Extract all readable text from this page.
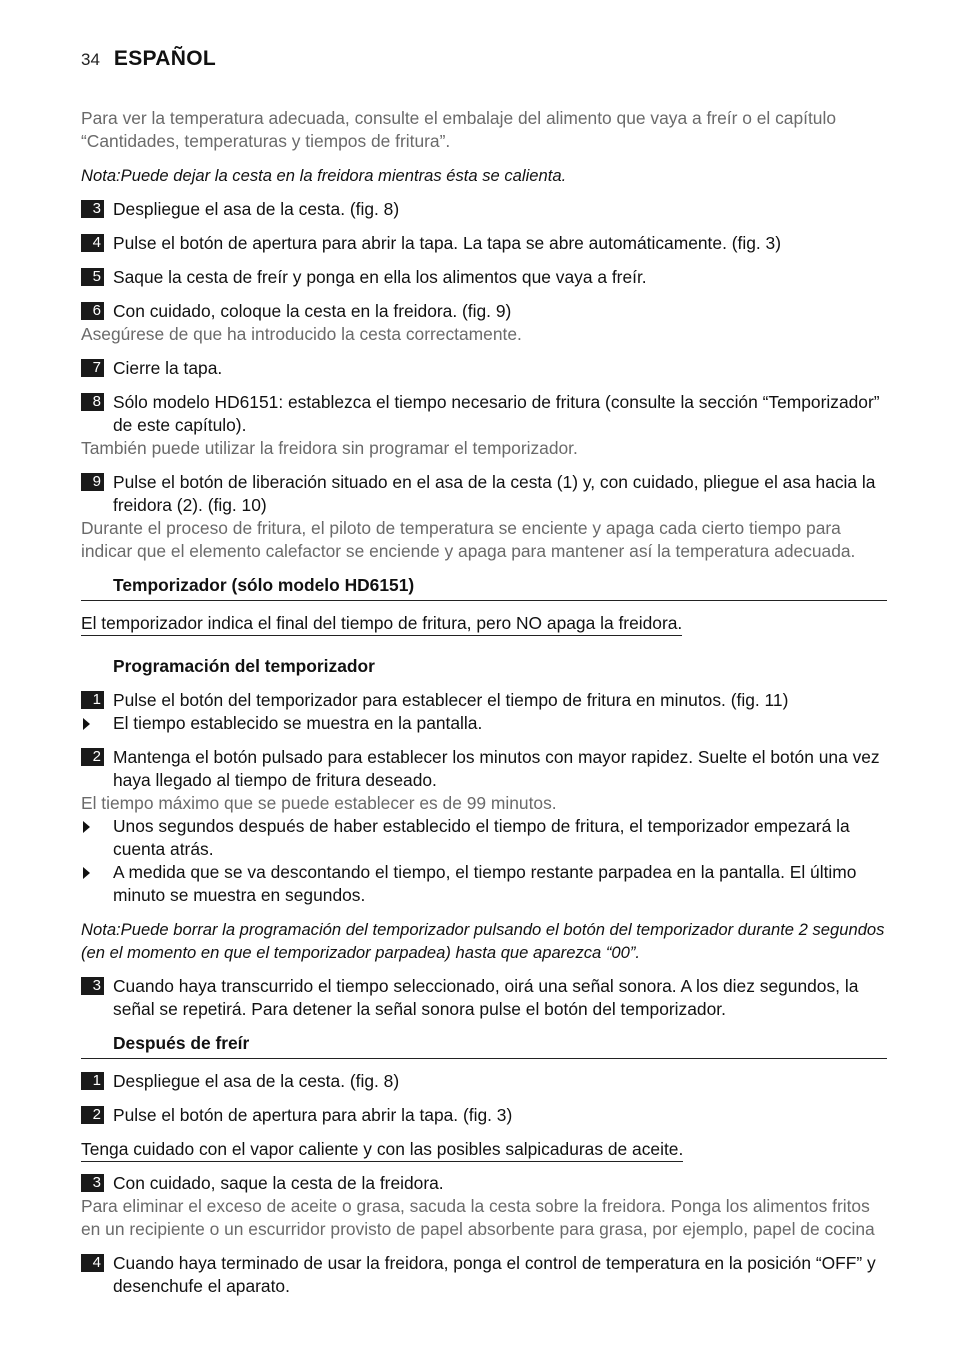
34 ESPAÑOL

Para ver la temperatura adecuada, consulte el embalaje del alimento que vaya a freír o el capítulo “Cantidades, temperaturas y tiempos de fritura”.

Nota:Puede dejar la cesta en la freidora mientras ésta se calienta.

3 Despliegue el asa de la cesta. (fig. 8)
4 Pulse el botón de apertura para abrir la tapa. La tapa se abre automáticamente. (fig. 3)
5 Saque la cesta de freír y ponga en ella los alimentos que vaya a freír.
6 Con cuidado, coloque la cesta en la freidora. (fig. 9)

Asegúrese de que ha introducido la cesta correctamente.

7 Cierre la tapa.
8 Sólo modelo HD6151: establezca el tiempo necesario de fritura (consulte la sección “Temporizador” de este capítulo).

También puede utilizar la freidora sin programar el temporizador.

9 Pulse el botón de liberación situado en el asa de la cesta (1) y, con cuidado, pliegue el asa hacia la freidora (2). (fig. 10)

Durante el proceso de fritura, el piloto de temperatura se enciente y apaga cada cierto tiempo para indicar que el elemento calefactor se enciende y apaga para mantener así la temperatura adecuada.

Temporizador (sólo modelo HD6151)

El temporizador indica el final del tiempo de fritura, pero NO apaga la freidora.

Programación del temporizador
1 Pulse el botón del temporizador para establecer el tiempo de fritura en minutos. (fig. 11)
El tiempo establecido se muestra en la pantalla.
2 Mantenga el botón pulsado para establecer los minutos con mayor rapidez. Suelte el botón una vez haya llegado al tiempo de fritura deseado.

El tiempo máximo que se puede establecer es de 99 minutos.

Unos segundos después de haber establecido el tiempo de fritura, el temporizador empezará la cuenta atrás.
A medida que se va descontando el tiempo, el tiempo restante parpadea en la pantalla. El último minuto se muestra en segundos.

Nota:Puede borrar la programación del temporizador pulsando el botón del temporizador durante 2 segundos (en el momento en que el temporizador parpadea) hasta que aparezca “00”.

3 Cuando haya transcurrido el tiempo seleccionado, oirá una señal sonora. A los diez segundos, la señal se repetirá. Para detener la señal sonora pulse el botón del temporizador.
Después de freír
1 Despliegue el asa de la cesta. (fig. 8)
2 Pulse el botón de apertura para abrir la tapa. (fig. 3)

Tenga cuidado con el vapor caliente y con las posibles salpicaduras de aceite.

3 Con cuidado, saque la cesta de la freidora.

Para eliminar el exceso de aceite o grasa, sacuda la cesta sobre la freidora. Ponga los alimentos fritos en un recipiente o un escurridor provisto de papel absorbente para grasa, por ejemplo, papel de cocina

4 Cuando haya terminado de usar la freidora, ponga el control de temperatura en la posición “OFF” y desenchufe el aparato.
